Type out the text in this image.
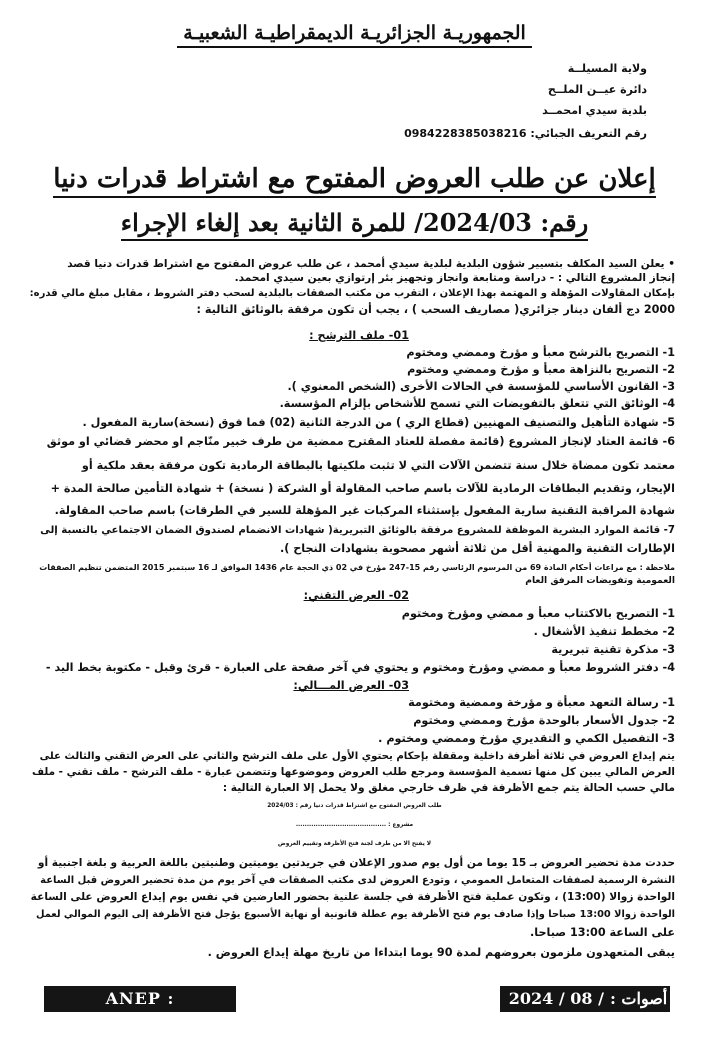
الجمهوريـة الجزائريـة الديمقراطيـة الشعبيـة
ولاية المسيلــة
دائرة عيــن الملــح
بلدية سيدي امحمــد
رقم التعريف الجبائي: 0984228385038216
إعلان عن طلب العروض المفتوح مع اشتراط قدرات دنيا
رقم: 2024/03/ للمرة الثانية بعد إلغاء الإجراء
• يعلن السيد المكلف بتسيير شؤون البلدية لبلدية سيدي أمحمد ، عن طلب عروض المفتوح مع اشتراط قدرات دنيا قصد
إنجاز المشروع التالي : - دراسة ومتابعة وانجاز وتجهيز بئر إرتوازي بعين سيدي امحمد.
بإمكان المقاولات المؤهلة و المهتمة بهذا الإعلان ، التقرب من مكتب الصفقات بالبلدية لسحب دفتر الشروط ، مقابل مبلغ مالي قدره:
2000 دج ألفان دينار جزائري( مصاريف السحب ) ، يجب أن تكون مرفقة بالوثائق التالية :
01- ملف الترشح :
1- التصريح بالترشح معبأ و مؤرخ وممضي ومختوم
2- التصريح بالنزاهة معبأ و مؤرخ وممضي ومختوم
3- القانون الأساسي للمؤسسة في الحالات الأخرى (الشخص المعنوي ).
4- الوثائق التي تتعلق بالتفويضات التي تسمح للأشخاص بإلزام المؤسسة.
5- شهادة التأهيل والتصنيف المهنيين (قطاع الري ) من الدرجة الثانية (02) فما فوق (نسخة)سارية المفعول .
6- قائمة العتاد لإنجاز المشروع (قائمة مفصلة للعتاد المقترح ممضية من طرف خبير منّاجم او محضر قضائي او موثق
معتمد تكون ممضاة خلال سنة تتضمن الآلات التي لا تثبت ملكيتها بالبطاقة الرمادية تكون مرفقة بعقد ملكية أو
الإيجار، وتقديم البطاقات الرمادية للآلات باسم صاحب المقاولة أو الشركة ( نسخة) + شهادة التأمين صالحة المدة +
شهادة المراقبة التقنية سارية المفعول بإستثناء المركبات غير المؤهلة للسير في الطرقات) باسم صاحب المقاولة.
7- قائمة الموارد البشرية الموظفة للمشروع مرفقة بالوثائق التبريرية( شهادات الانضمام لصندوق الضمان الاجتماعي بالنسبة إلى
الإطارات التقنية والمهنية أقل من ثلاثة أشهر مصحوبة بشهادات النجاح ).
ملاحظة : مع مراعات أحكام المادة 69 من المرسوم الرئاسي رقم 15-247 مؤرخ في 02 ذي الحجة عام 1436 الموافق لـ 16 سبتمبر 2015 المتضمن تنظيم الصفقات
العمومية وتفويضات المرفق العام
02- العرض التقني:
1- التصريح بالاكتتاب معبأ و ممضي ومؤرخ ومختوم
2- مخطط تنفيذ الأشغال .
3- مذكرة تقنية تبريرية
4- دفتر الشروط معبأ و ممضي ومؤرخ ومختوم و يحتوي في آخر صفحة على العبارة - قرئ وقبل - مكتوبة بخط اليد -
03- العرض المـــالي:
1- رسالة التعهد معبأة و مؤرخة وممضية ومختومة
2- جدول الأسعار بالوحدة مؤرخ وممضي ومختوم
3- التفصيل الكمي و التقديري مؤرخ وممضي ومختوم .
يتم إيداع العروض في ثلاثة أظرفة داخلية ومقفلة بإحكام يحتوي الأول على ملف الترشح والثاني على العرض التقني والثالث على
العرض المالي يبين كل منها تسمية المؤسسة ومرجع طلب العروض وموضوعها وتتضمن عبارة - ملف الترشح - ملف تقني - ملف
مالي حسب الحالة يتم جمع الأظرفة في ظرف خارجي مغلق ولا يحمل إلا العبارة التالية :
طلب العروض المفتوح مع اشتراط قدرات دنيا رقم : 2024/03
مشروع : .........................................
لا يفتح الا من طرف لجنة فتح الأظرفة وتقييم العروض
حددت مدة تحضير العروض بـ 15 يوما من أول يوم صدور الإعلان في جريدتين يوميتين وطنيتين باللغة العربية و بلغة اجنبية أو
النشرة الرسمية لصفقات المتعامل العمومي ، وتودع العروض لدى مكتب الصفقات في آخر يوم من مدة تحضير العروض قبل الساعة
الواحدة زوالا (13:00) ، وتكون عملية فتح الأظرفة في جلسة علنية بحضور العارضين في نفس يوم إيداع العروض على الساعة
الواحدة زوالا 13:00 صباحا وإذا صادف يوم فتح الأظرفة يوم عطلة قانونية أو نهاية الأسبوع يؤجل فتح الأظرفة إلى اليوم الموالي لعمل
على الساعة 13:00 صباحا.
يبقى المتعهدون ملزمون بعروضهم لمدة 90 يوما ابتداءا من تاريخ مهلة إيداع العروض .
ANEP : 2416026696
أصوات :2024 / 08 / 21
